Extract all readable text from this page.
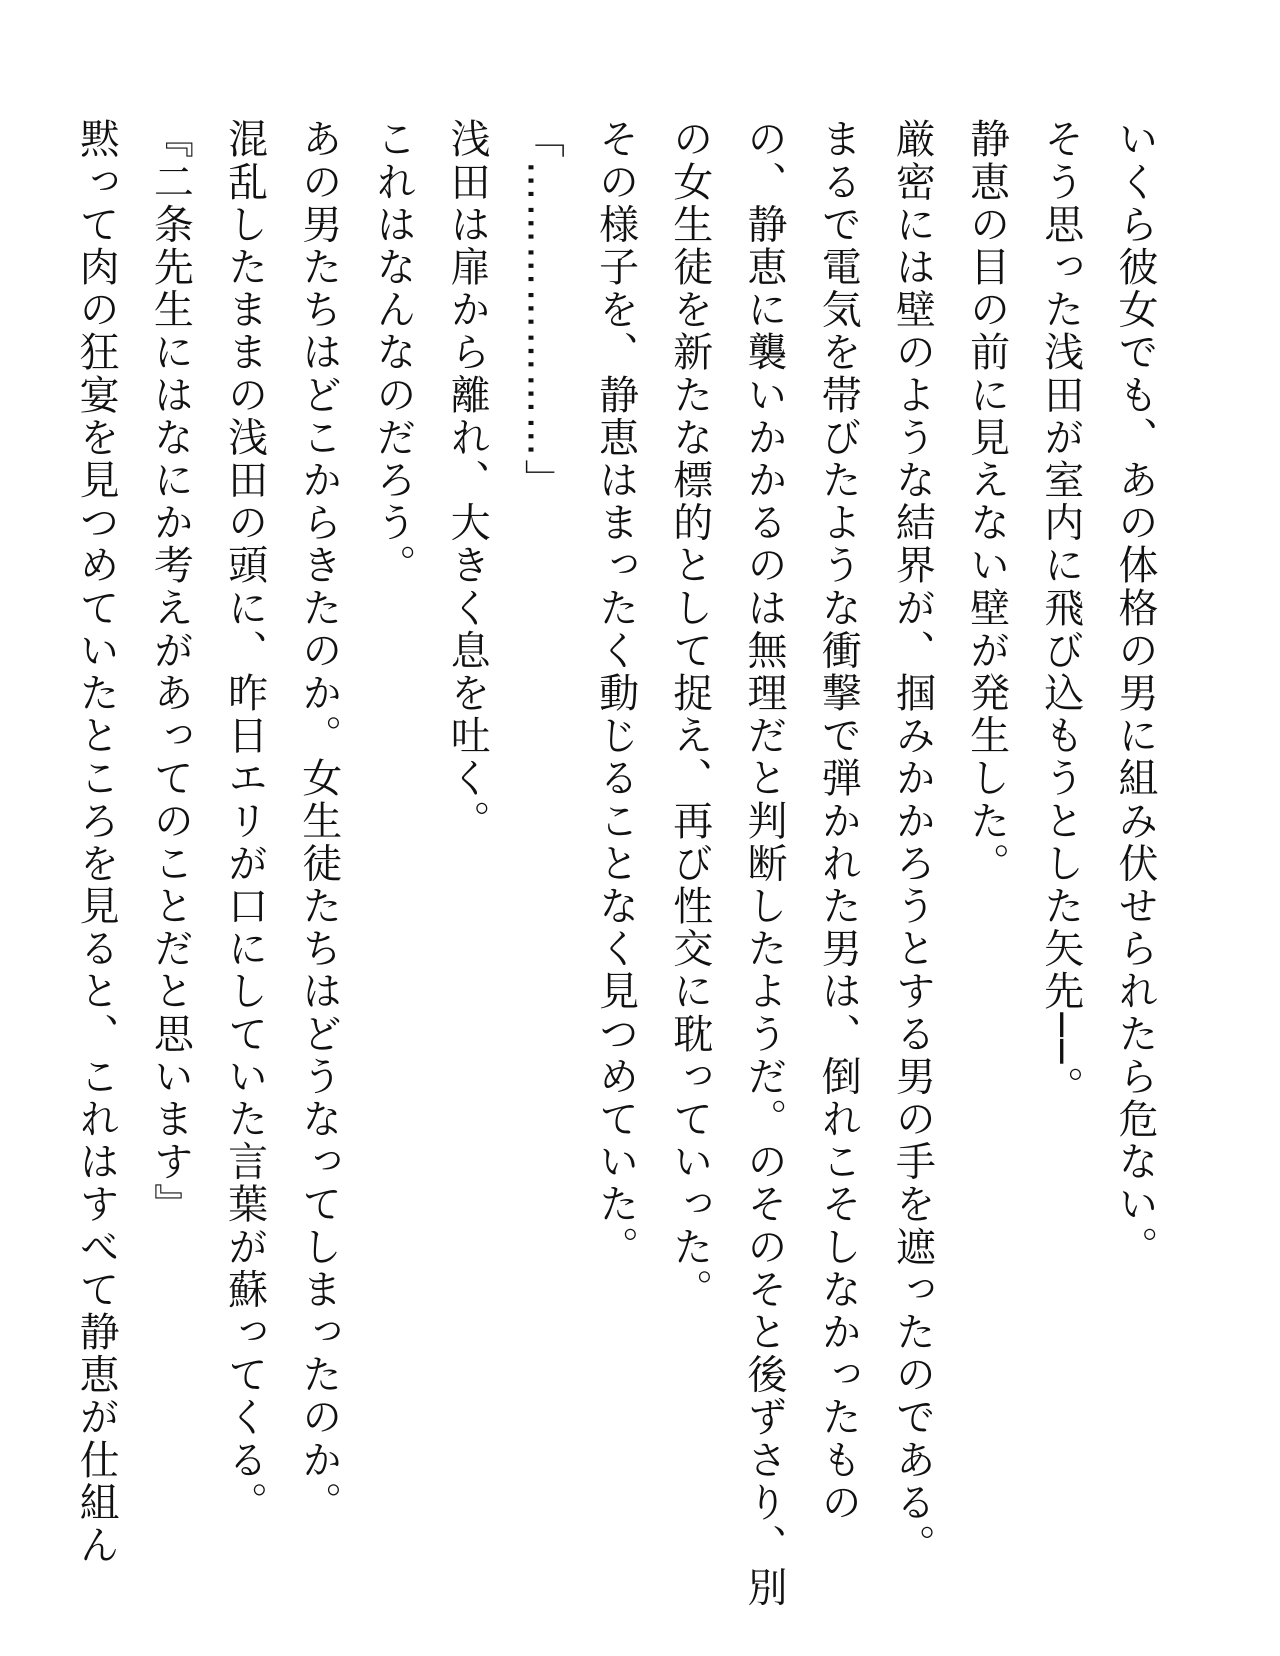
いくら彼女でも、あの体格の男に組み伏せられたら危ない。
そう思った浅田が室内に飛び込もうとした矢先──。
静恵の目の前に見えない壁が発生した。
厳密には壁のような結界が、掴みかかろうとする男の手を遮ったのである。
まるで電気を帯びたような衝撃で弾かれた男は、倒れこそしなかったもの
の、静恵に襲いかかるのは無理だと判断したようだ。のそのそと後ずさり、別
の女生徒を新たな標的として捉え、再び性交に耽っていった。
その様子を、静恵はまったく動じることなく見つめていた。
「…………………」
浅田は扉から離れ、大きく息を吐く。
これはなんなのだろう。
あの男たちはどこからきたのか。女生徒たちはどうなってしまったのか。
混乱したままの浅田の頭に、昨日エリが口にしていた言葉が蘇ってくる。
『二条先生にはなにか考えがあってのことだと思います』
黙って肉の狂宴を見つめていたところを見ると、これはすべて静恵が仕組ん
